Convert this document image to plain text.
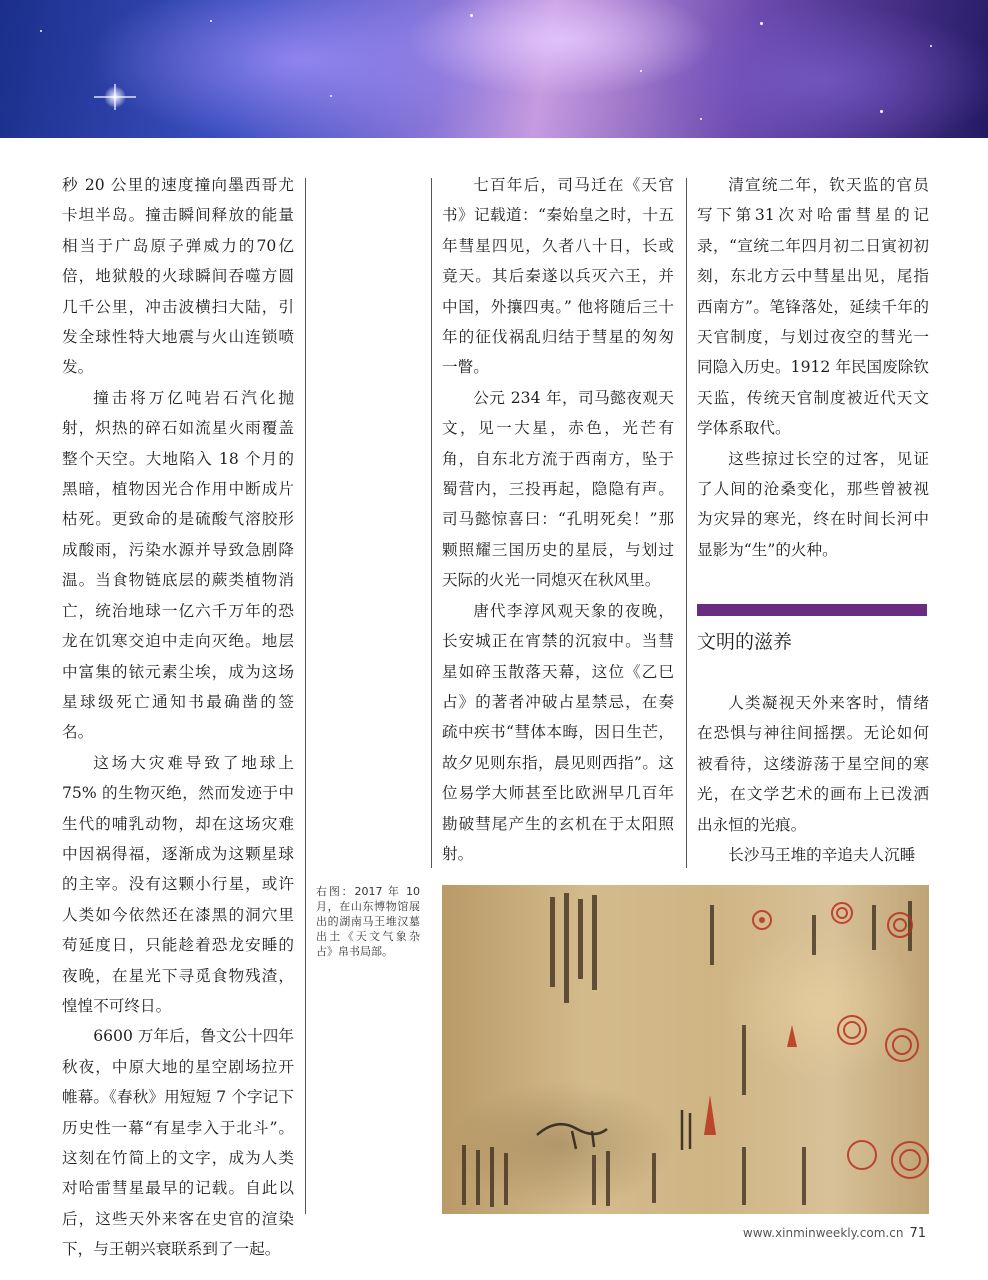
秒 20 公里的速度撞向墨西哥尤卡坦半岛。撞击瞬间释放的能量相当于广岛原子弹威力的70亿倍，地狱般的火球瞬间吞噬方圆几千公里，冲击波横扫大陆，引发全球性特大地震与火山连锁喷发。

撞击将万亿吨岩石汽化抛射，炽热的碎石如流星火雨覆盖整个天空。大地陷入 18 个月的黑暗，植物因光合作用中断成片枯死。更致命的是硫酸气溶胶形成酸雨，污染水源并导致急剧降温。当食物链底层的蕨类植物消亡，统治地球一亿六千万年的恐龙在饥寒交迫中走向灭绝。地层中富集的铱元素尘埃，成为这场星球级死亡通知书最确凿的签名。

这场大灾难导致了地球上 75% 的生物灭绝，然而发迹于中生代的哺乳动物，却在这场灾难中因祸得福，逐渐成为这颗星球的主宰。没有这颗小行星，或许人类如今依然还在漆黑的洞穴里苟延度日，只能趁着恐龙安睡的夜晚，在星光下寻觅食物残渣，惶惶不可终日。

6600 万年后，鲁文公十四年秋夜，中原大地的星空剧场拉开帷幕。《春秋》用短短 7 个字记下历史性一幕“有星孛入于北斗”。这刻在竹简上的文字，成为人类对哈雷彗星最早的记载。自此以后，这些天外来客在史官的渲染下，与王朝兴衰联系到了一起。

右图：2017 年 10 月，在山东博物馆展出的湖南马王堆汉墓出土《天文气象杂占》帛书局部。

七百年后，司马迁在《天官书》记载道：“秦始皇之时，十五年彗星四见，久者八十日，长或竟天。其后秦遂以兵灭六王，并中国，外攘四夷。” 他将随后三十年的征伐祸乱归结于彗星的匆匆一瞥。

公元 234 年，司马懿夜观天文，见一大星，赤色，光芒有角，自东北方流于西南方，坠于蜀营内，三投再起，隐隐有声。司马懿惊喜曰：“孔明死矣！”那颗照耀三国历史的星辰，与划过天际的火光一同熄灭在秋风里。

唐代李淳风观天象的夜晚，长安城正在宵禁的沉寂中。当彗星如碎玉散落天幕，这位《乙巳占》的著者冲破占星禁忌，在奏疏中疾书“彗体本晦，因日生芒，故夕见则东指，晨见则西指”。这位易学大师甚至比欧洲早几百年勘破彗尾产生的玄机在于太阳照射。

清宣统二年，钦天监的官员写下第31次对哈雷彗星的记录，“宣统二年四月初二日寅初初刻，东北方云中彗星出见，尾指西南方”。笔锋落处，延续千年的天官制度，与划过夜空的彗光一同隐入历史。1912 年民国废除钦天监，传统天官制度被近代天文学体系取代。

这些掠过长空的过客，见证了人间的沧桑变化，那些曾被视为灾异的寒光，终在时间长河中显影为“生”的火种。

文明的滋养

人类凝视天外来客时，情绪在恐惧与神往间摇摆。无论如何被看待，这缕游荡于星空间的寒光，在文学艺术的画布上已泼洒出永恒的光痕。

长沙马王堆的辛追夫人沉睡

www.xinminweekly.com.cn 71
